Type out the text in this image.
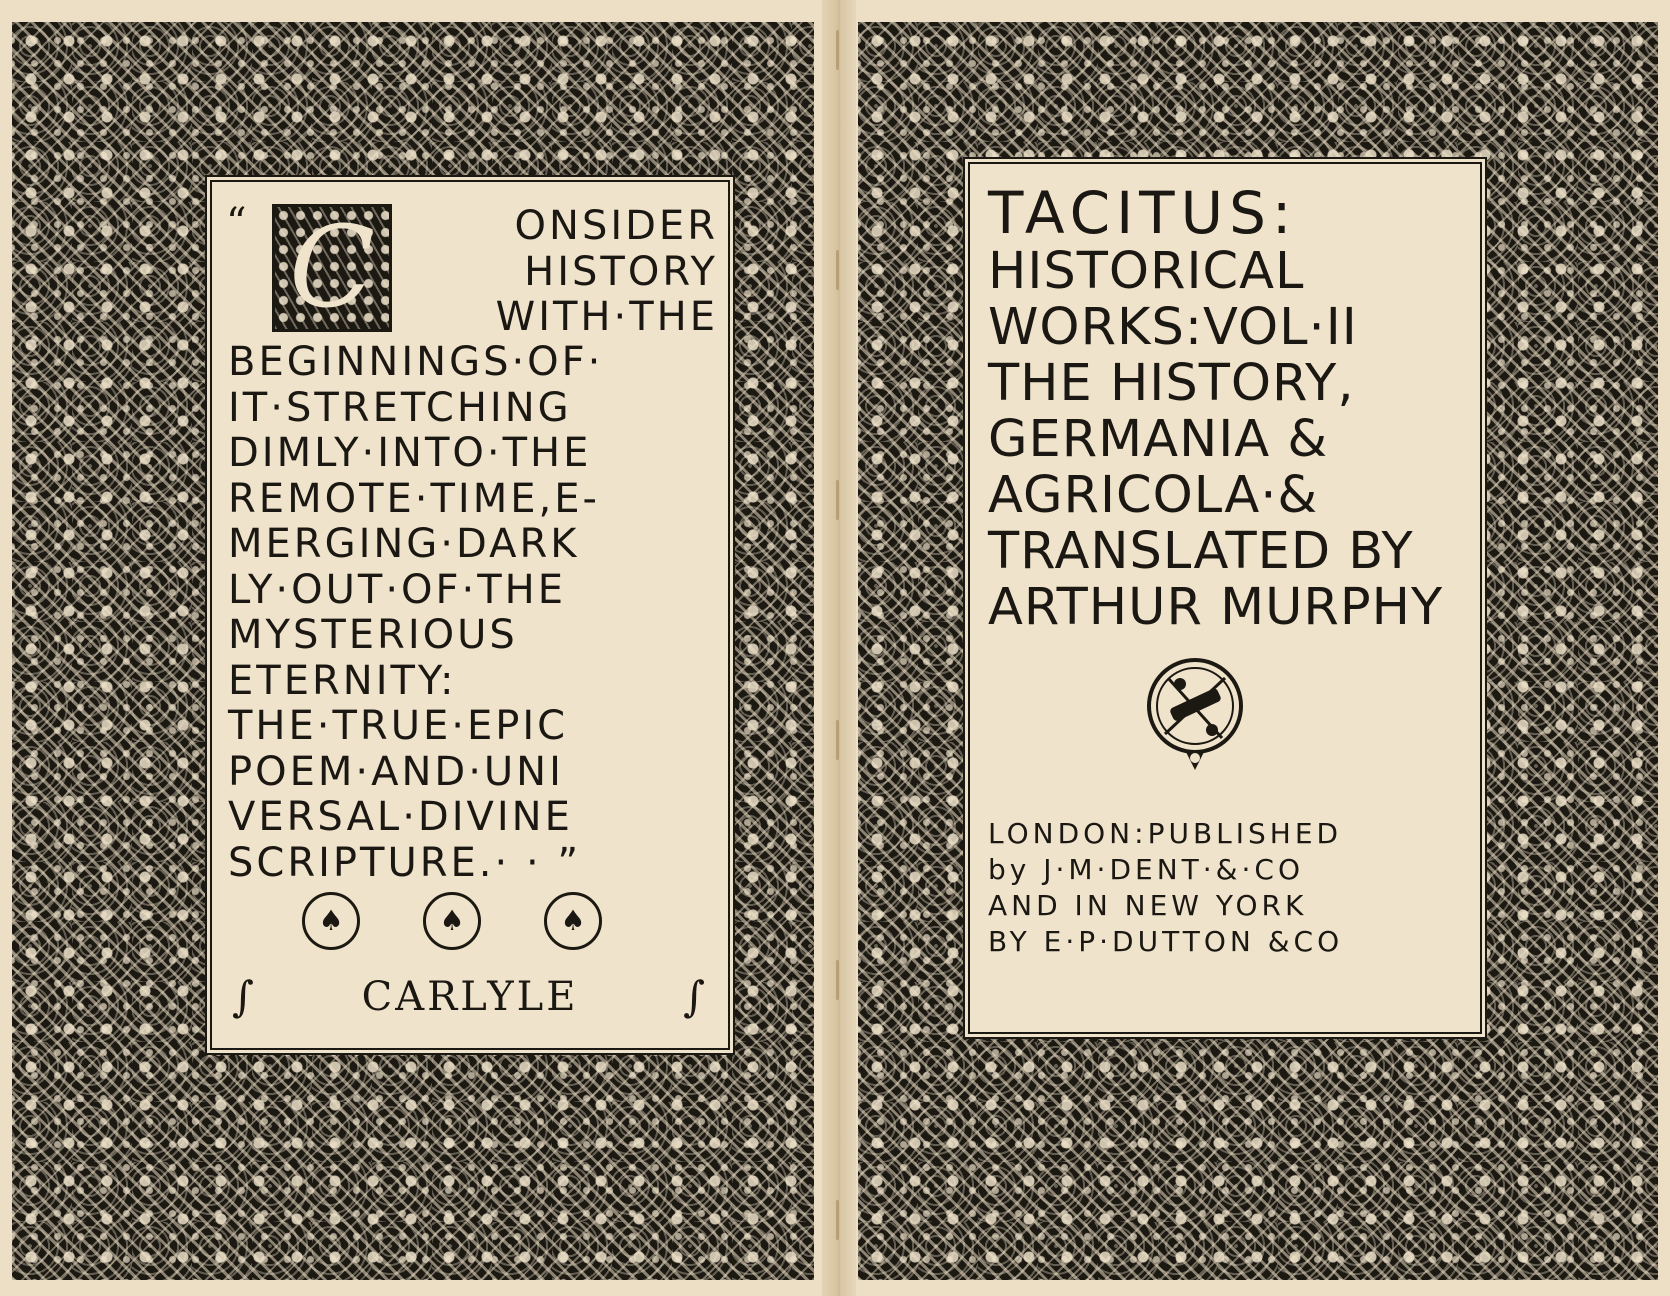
“ C	ONSIDER
HISTORY
WITH·THE
BEGINNINGS·OF·
IT·STRETCHING
DIMLY·INTO·THE
REMOTE·TIME,E-
MERGING·DARK
LY·OUT·OF·THE
MYSTERIOUS
ETERNITY:
THE·TRUE·EPIC
POEM·AND·UNI
VERSAL·DIVINE
SCRIPTURE.· · ”
♠	♠	♠
∫	CARLYLE ∫
TACITUS:
HISTORICAL
WORKS:VOL·II
THE HISTORY,
GERMANIA &
AGRICOLA·&
TRANSLATED BY
ARTHUR MURPHY
LONDON:PUBLISHED
by J·M·DENT·&·CO
AND IN NEW YORK
BY E·P·DUTTON &CO
